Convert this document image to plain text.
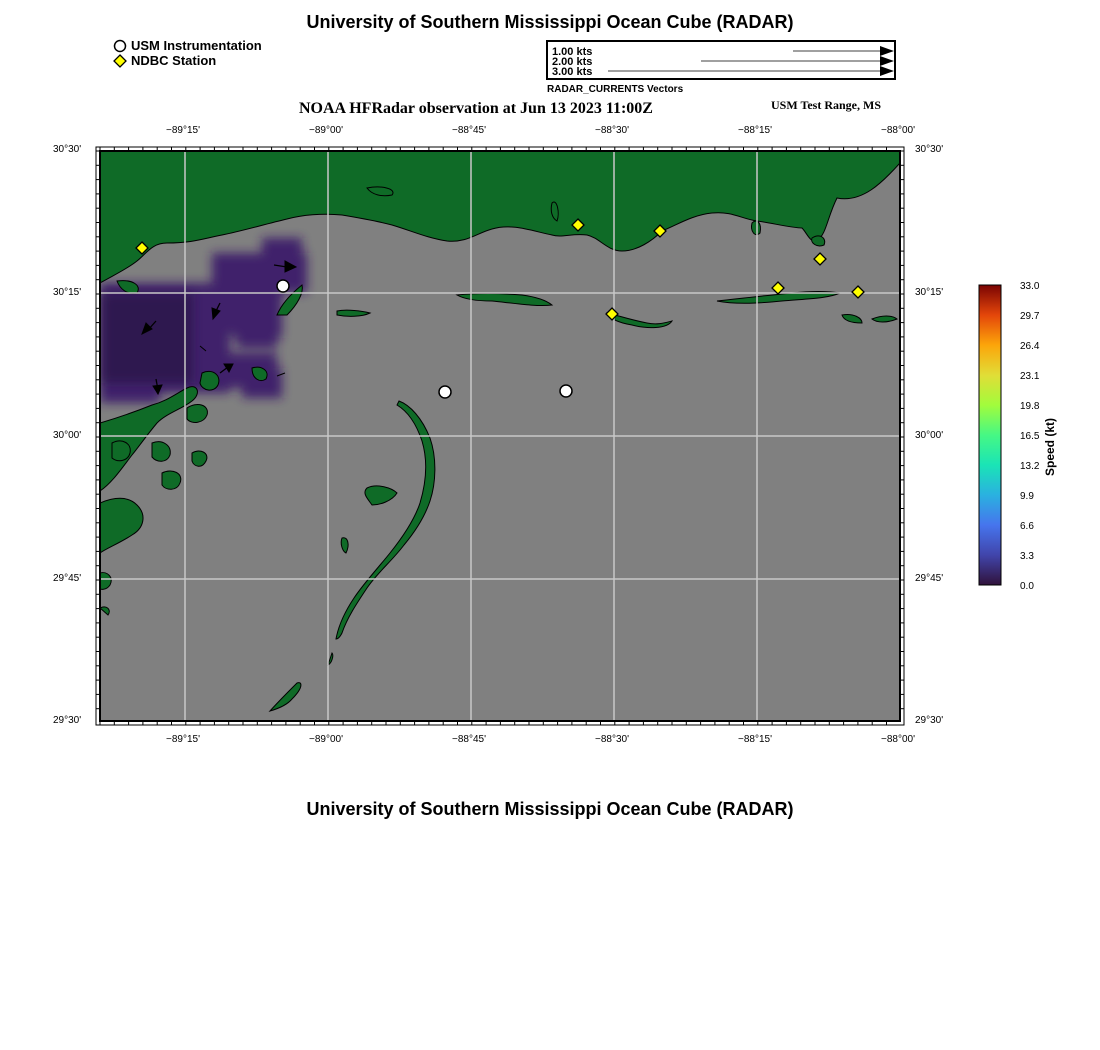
University of Southern Mississippi Ocean Cube (RADAR)
USM Instrumentation
NDBC Station
1.00 kts
2.00 kts
3.00 kts
RADAR_CURRENTS Vectors
NOAA HFRadar observation at Jun 13 2023 11:00Z	USM Test Range, MS
−89°15'	−89°00'	−88°45'	−88°30'	−88°15'	−88°00'
−89°15'	−89°00'	−88°45'	−88°30'	−88°15'	−88°00'
30°30'
30°15'
30°00'
29°45'
29°30'
30°30'
30°15'
30°00'
29°45'
29°30'
33.0
29.7
26.4
23.1
19.8
16.5
13.2
9.9
6.6
3.3
0.0
Speed (kt)
University of Southern Mississippi Ocean Cube (RADAR)
